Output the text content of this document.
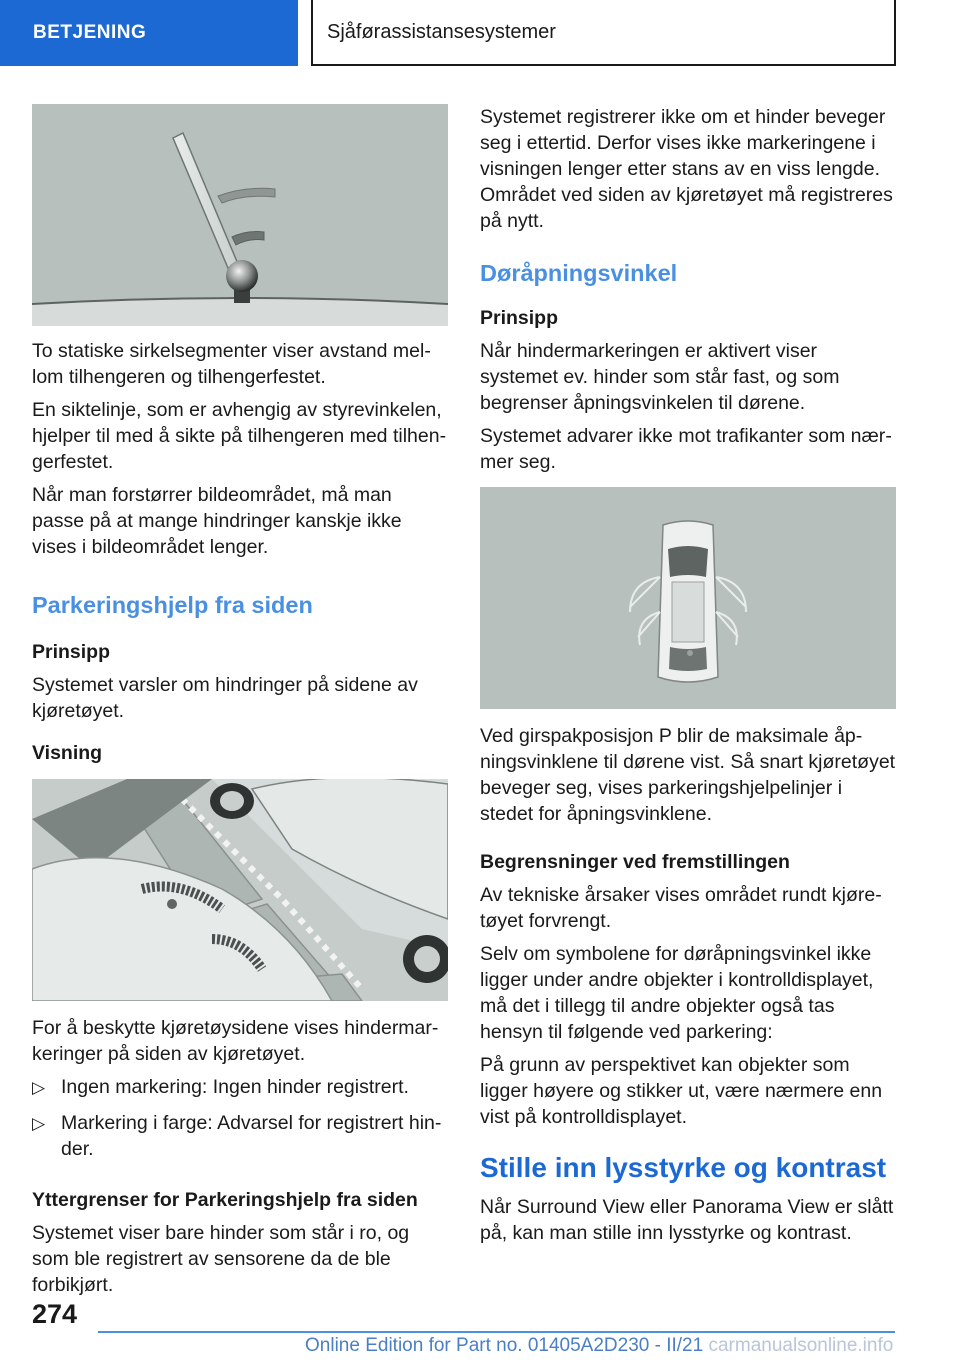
BETJENING	Sjåførassistansesystemer

To statiske sirkelsegmenter viser avstand mellom tilhengeren og tilhengerfestet.

En siktelinje, som er avhengig av styrevinkelen, hjelper til med å sikte på tilhengeren med tilhengerfestet.

Når man forstørrer bildeområdet, må man passe på at mange hindringer kanskje ikke vises i bildeområdet lenger.

Parkeringshjelp fra siden
Prinsipp

Systemet varsler om hindringer på sidene av kjøretøyet.

Visning

For å beskytte kjøretøysidene vises hindermarkeringer på siden av kjøretøyet.

▷ Ingen markering: Ingen hinder registrert.
▷ Markering i farge: Advarsel for registrert hinder.
Yttergrenser for Parkeringshjelp fra siden

Systemet viser bare hinder som står i ro, og som ble registrert av sensorene da de ble forbikjørt.

Systemet registrerer ikke om et hinder beveger seg i ettertid. Derfor vises ikke markeringene i visningen lenger etter stans av en viss lengde. Området ved siden av kjøretøyet må registreres på nytt.

Døråpningsvinkel
Prinsipp

Når hindermarkeringen er aktivert viser systemet ev. hinder som står fast, og som begrenser åpningsvinkelen til dørene.

Systemet advarer ikke mot trafikanter som nærmer seg.

Ved girspakposisjon P blir de maksimale åpningsvinklene til dørene vist. Så snart kjøretøyet beveger seg, vises parkeringshjelpelinjer i stedet for åpningsvinklene.

Begrensninger ved fremstillingen

Av tekniske årsaker vises området rundt kjøretøyet forvrengt.

Selv om symbolene for døråpningsvinkel ikke ligger under andre objekter i kontrolldisplayet, må det i tillegg til andre objekter også tas hensyn til følgende ved parkering:

På grunn av perspektivet kan objekter som ligger høyere og stikker ut, være nærmere enn vist på kontrolldisplayet.

Stille inn lysstyrke og kontrast

Når Surround View eller Panorama View er slått på, kan man stille inn lysstyrke og kontrast.

274
Online Edition for Part no. 01405A2D230 - II/21 carmanualsonline.info
